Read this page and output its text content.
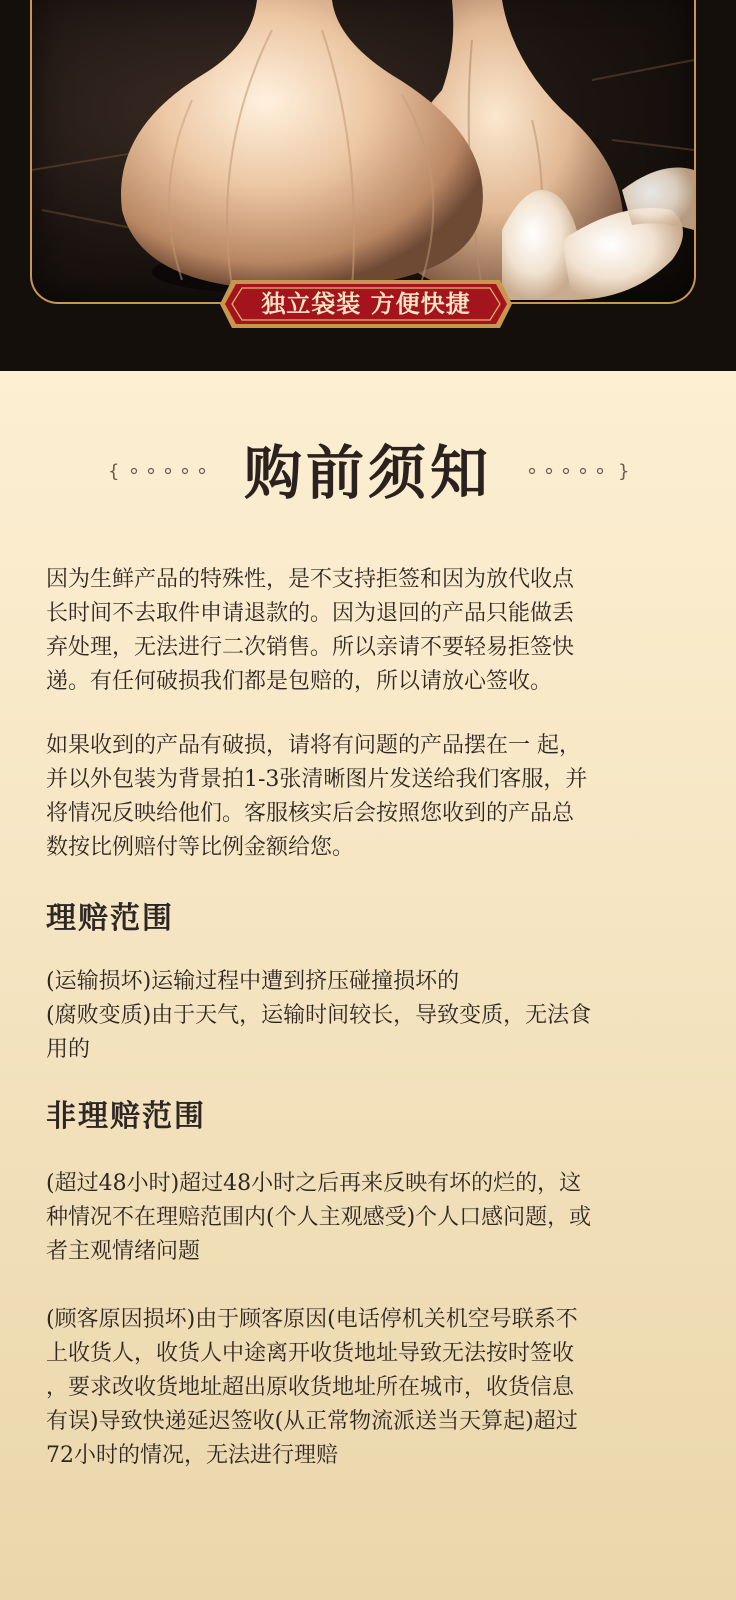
独立袋装 方便快捷
{	购前须知	}
因为生鲜产品的特殊性，是不支持拒签和因为放代收点
长时间不去取件申请退款的。因为退回的产品只能做丢
弃处理，无法进行二次销售。所以亲请不要轻易拒签快
递。有任何破损我们都是包赔的，所以请放心签收。
如果收到的产品有破损，请将有问题的产品摆在一 起，
并以外包装为背景拍1-3张清晰图片发送给我们客服，并
将情况反映给他们。客服核实后会按照您收到的产品总
数按比例赔付等比例金额给您。
理赔范围
(运输损坏)运输过程中遭到挤压碰撞损坏的
(腐败变质)由于天气，运输时间较长，导致变质，无法食
用的
非理赔范围
(超过48小时)超过48小时之后再来反映有坏的烂的，这
种情况不在理赔范围内(个人主观感受)个人口感问题，或
者主观情绪问题
(顾客原因损坏)由于顾客原因(电话停机关机空号联系不
上收货人，收货人中途离开收货地址导致无法按时签收
，要求改收货地址超出原收货地址所在城市，收货信息
有误)导致快递延迟签收(从正常物流派送当天算起)超过
72小时的情况，无法进行理赔
